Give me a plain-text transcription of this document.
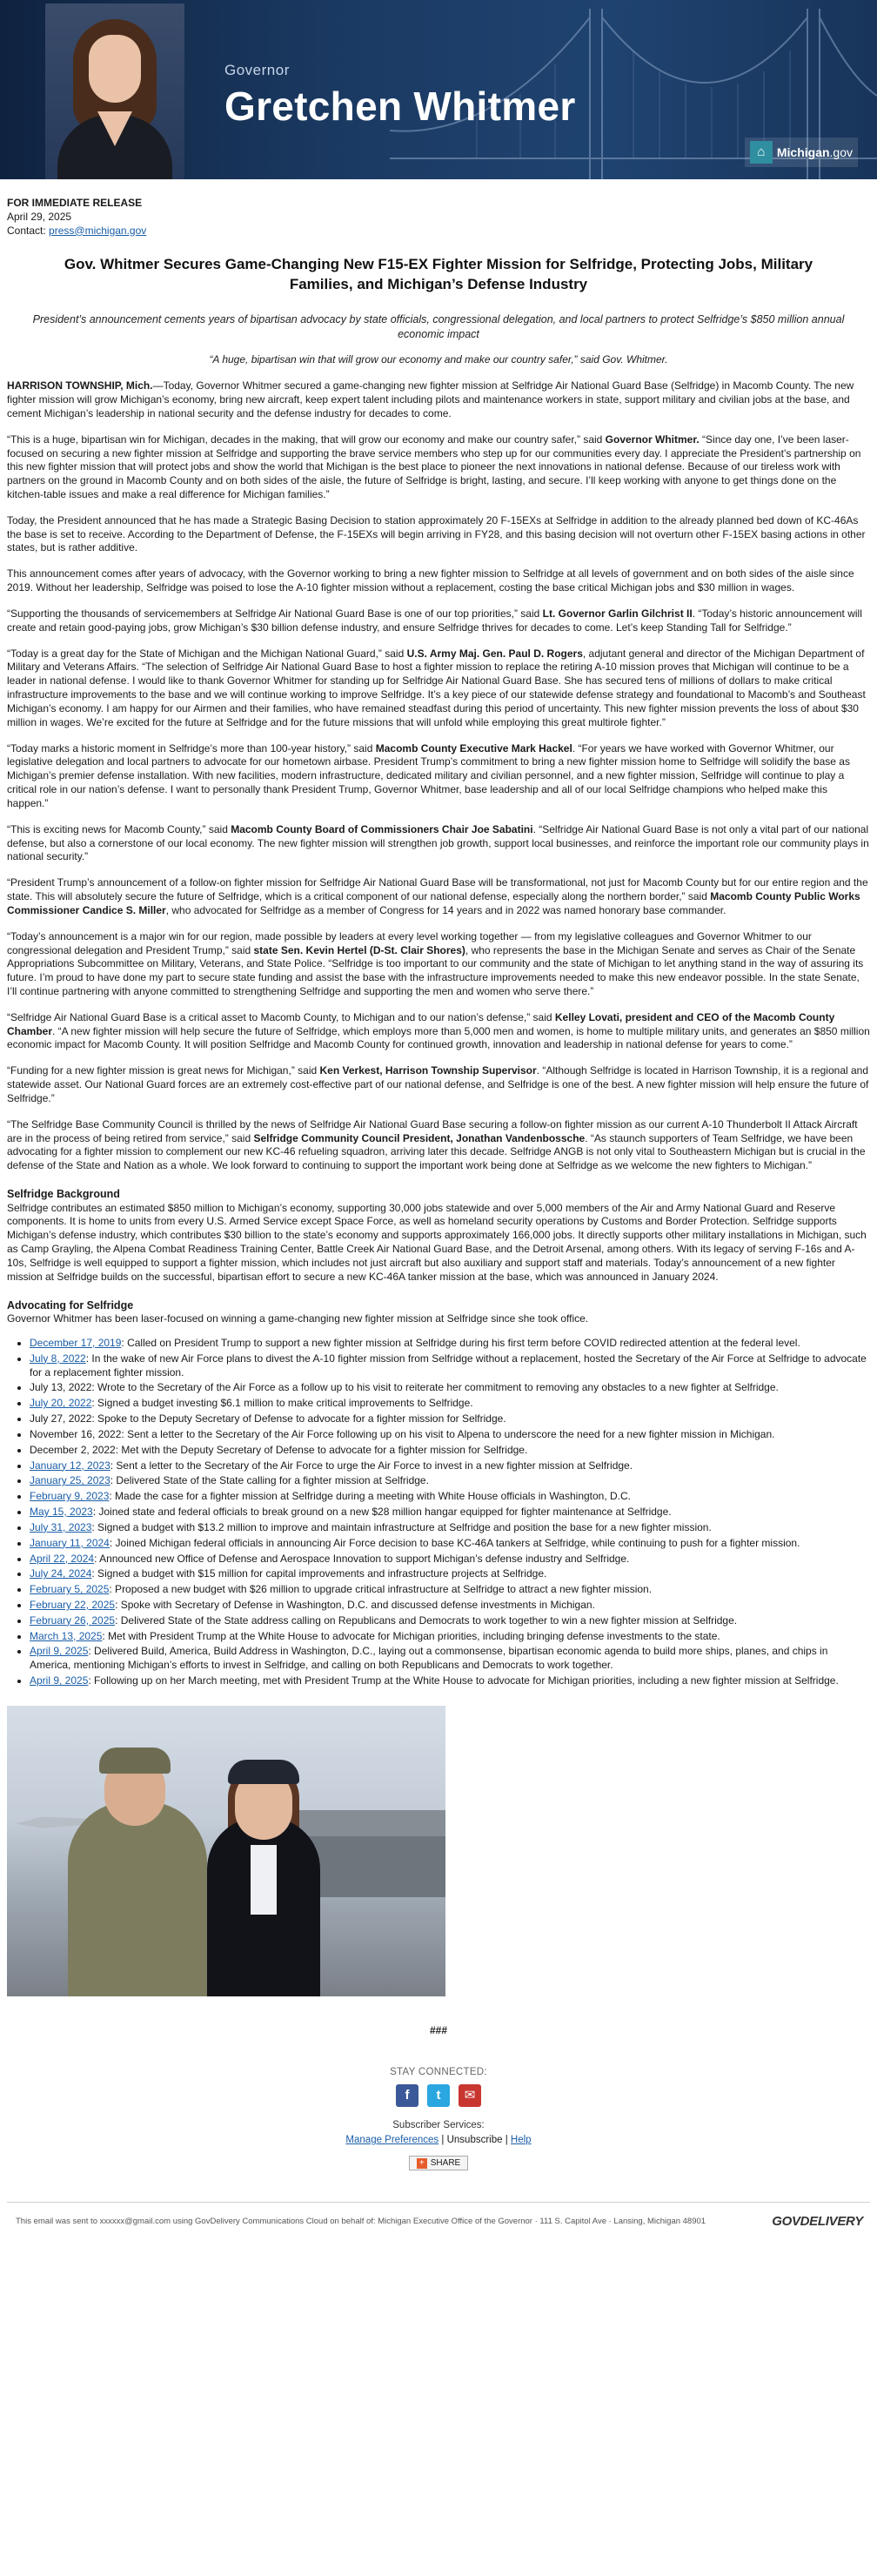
Governor
Gretchen Whitmer
⌂ Michigan.gov
FOR IMMEDIATE RELEASE
April 29, 2025
Contact: press@michigan.gov
Gov. Whitmer Secures Game-Changing New F15-EX Fighter Mission for Selfridge, Protecting Jobs, Military Families, and Michigan’s Defense Industry
President’s announcement cements years of bipartisan advocacy by state officials, congressional delegation, and local partners to protect Selfridge’s $850 million annual economic impact
“A huge, bipartisan win that will grow our economy and make our country safer,” said Gov. Whitmer.

HARRISON TOWNSHIP, Mich.—Today, Governor Whitmer secured a game-changing new fighter mission at Selfridge Air National Guard Base (Selfridge) in Macomb County. The new fighter mission will grow Michigan’s economy, bring new aircraft, keep expert talent including pilots and maintenance workers in state, support military and civilian jobs at the base, and cement Michigan’s leadership in national security and the defense industry for decades to come.

“This is a huge, bipartisan win for Michigan, decades in the making, that will grow our economy and make our country safer,” said Governor Whitmer. “Since day one, I’ve been laser-focused on securing a new fighter mission at Selfridge and supporting the brave service members who step up for our communities every day. I appreciate the President’s partnership on this new fighter mission that will protect jobs and show the world that Michigan is the best place to pioneer the next innovations in national defense. Because of our tireless work with partners on the ground in Macomb County and on both sides of the aisle, the future of Selfridge is bright, lasting, and secure. I’ll keep working with anyone to get things done on the kitchen-table issues and make a real difference for Michigan families.”

Today, the President announced that he has made a Strategic Basing Decision to station approximately 20 F-15EXs at Selfridge in addition to the already planned bed down of KC-46As the base is set to receive. According to the Department of Defense, the F-15EXs will begin arriving in FY28, and this basing decision will not overturn other F-15EX basing actions in other states, but is rather additive.

This announcement comes after years of advocacy, with the Governor working to bring a new fighter mission to Selfridge at all levels of government and on both sides of the aisle since 2019. Without her leadership, Selfridge was poised to lose the A-10 fighter mission without a replacement, costing the base critical Michigan jobs and $30 million in wages.

“Supporting the thousands of servicemembers at Selfridge Air National Guard Base is one of our top priorities,” said Lt. Governor Garlin Gilchrist II. “Today’s historic announcement will create and retain good-paying jobs, grow Michigan’s $30 billion defense industry, and ensure Selfridge thrives for decades to come. Let’s keep Standing Tall for Selfridge.”

“Today is a great day for the State of Michigan and the Michigan National Guard,” said U.S. Army Maj. Gen. Paul D. Rogers, adjutant general and director of the Michigan Department of Military and Veterans Affairs. “The selection of Selfridge Air National Guard Base to host a fighter mission to replace the retiring A-10 mission proves that Michigan will continue to be a leader in national defense. I would like to thank Governor Whitmer for standing up for Selfridge Air National Guard Base. She has secured tens of millions of dollars to make critical infrastructure improvements to the base and we will continue working to improve Selfridge. It’s a key piece of our statewide defense strategy and foundational to Macomb’s and Southeast Michigan’s economy. I am happy for our Airmen and their families, who have remained steadfast during this period of uncertainty. This new fighter mission prevents the loss of about $30 million in wages. We’re excited for the future at Selfridge and for the future missions that will unfold while employing this great multirole fighter.”

“Today marks a historic moment in Selfridge’s more than 100-year history,” said Macomb County Executive Mark Hackel. “For years we have worked with Governor Whitmer, our legislative delegation and local partners to advocate for our hometown airbase. President Trump’s commitment to bring a new fighter mission home to Selfridge will solidify the base as Michigan’s premier defense installation. With new facilities, modern infrastructure, dedicated military and civilian personnel, and a new fighter mission, Selfridge will continue to play a critical role in our nation’s defense. I want to personally thank President Trump, Governor Whitmer, base leadership and all of our local Selfridge champions who helped make this happen.”

“This is exciting news for Macomb County,” said Macomb County Board of Commissioners Chair Joe Sabatini. “Selfridge Air National Guard Base is not only a vital part of our national defense, but also a cornerstone of our local economy. The new fighter mission will strengthen job growth, support local businesses, and reinforce the important role our community plays in national security.”

“President Trump’s announcement of a follow-on fighter mission for Selfridge Air National Guard Base will be transformational, not just for Macomb County but for our entire region and the state. This will absolutely secure the future of Selfridge, which is a critical component of our national defense, especially along the northern border,” said Macomb County Public Works Commissioner Candice S. Miller, who advocated for Selfridge as a member of Congress for 14 years and in 2022 was named honorary base commander.

“Today’s announcement is a major win for our region, made possible by leaders at every level working together — from my legislative colleagues and Governor Whitmer to our congressional delegation and President Trump,” said state Sen. Kevin Hertel (D-St. Clair Shores), who represents the base in the Michigan Senate and serves as Chair of the Senate Appropriations Subcommittee on Military, Veterans, and State Police. “Selfridge is too important to our community and the state of Michigan to let anything stand in the way of assuring its future. I’m proud to have done my part to secure state funding and assist the base with the infrastructure improvements needed to make this new endeavor possible. In the state Senate, I’ll continue partnering with anyone committed to strengthening Selfridge and supporting the men and women who serve there.”

“Selfridge Air National Guard Base is a critical asset to Macomb County, to Michigan and to our nation’s defense,” said Kelley Lovati, president and CEO of the Macomb County Chamber. “A new fighter mission will help secure the future of Selfridge, which employs more than 5,000 men and women, is home to multiple military units, and generates an $850 million economic impact for Macomb County. It will position Selfridge and Macomb County for continued growth, innovation and leadership in national defense for years to come.”

“Funding for a new fighter mission is great news for Michigan,” said Ken Verkest, Harrison Township Supervisor. “Although Selfridge is located in Harrison Township, it is a regional and statewide asset. Our National Guard forces are an extremely cost-effective part of our national defense, and Selfridge is one of the best. A new fighter mission will help ensure the future of Selfridge.”

“The Selfridge Base Community Council is thrilled by the news of Selfridge Air National Guard Base securing a follow-on fighter mission as our current A-10 Thunderbolt II Attack Aircraft are in the process of being retired from service,” said Selfridge Community Council President, Jonathan Vandenbossche. “As staunch supporters of Team Selfridge, we have been advocating for a fighter mission to complement our new KC-46 refueling squadron, arriving later this decade. Selfridge ANGB is not only vital to Southeastern Michigan but is crucial in the defense of the State and Nation as a whole. We look forward to continuing to support the important work being done at Selfridge as we welcome the new fighters to Michigan.”

Selfridge Background
Selfridge contributes an estimated $850 million to Michigan’s economy, supporting 30,000 jobs statewide and over 5,000 members of the Air and Army National Guard and Reserve components. It is home to units from every U.S. Armed Service except Space Force, as well as homeland security operations by Customs and Border Protection. Selfridge supports Michigan’s defense industry, which contributes $30 billion to the state’s economy and supports approximately 166,000 jobs. It directly supports other military installations in Michigan, such as Camp Grayling, the Alpena Combat Readiness Training Center, Battle Creek Air National Guard Base, and the Detroit Arsenal, among others. With its legacy of serving F-16s and A-10s, Selfridge is well equipped to support a fighter mission, which includes not just aircraft but also auxiliary and support staff and materials. Today’s announcement of a new fighter mission at Selfridge builds on the successful, bipartisan effort to secure a new KC-46A tanker mission at the base, which was announced in January 2024.
Advocating for Selfridge
Governor Whitmer has been laser-focused on winning a game-changing new fighter mission at Selfridge since she took office.
• December 17, 2019: Called on President Trump to support a new fighter mission at Selfridge during his first term before COVID redirected attention at the federal level.
• July 8, 2022: In the wake of new Air Force plans to divest the A-10 fighter mission from Selfridge without a replacement, hosted the Secretary of the Air Force at Selfridge to advocate for a replacement fighter mission.
• July 13, 2022: Wrote to the Secretary of the Air Force as a follow up to his visit to reiterate her commitment to removing any obstacles to a new fighter at Selfridge.
• July 20, 2022: Signed a budget investing $6.1 million to make critical improvements to Selfridge.
• July 27, 2022: Spoke to the Deputy Secretary of Defense to advocate for a fighter mission for Selfridge.
• November 16, 2022: Sent a letter to the Secretary of the Air Force following up on his visit to Alpena to underscore the need for a new fighter mission in Michigan.
• December 2, 2022: Met with the Deputy Secretary of Defense to advocate for a fighter mission for Selfridge.
• January 12, 2023: Sent a letter to the Secretary of the Air Force to urge the Air Force to invest in a new fighter mission at Selfridge.
• January 25, 2023: Delivered State of the State calling for a fighter mission at Selfridge.
• February 9, 2023: Made the case for a fighter mission at Selfridge during a meeting with White House officials in Washington, D.C.
• May 15, 2023: Joined state and federal officials to break ground on a new $28 million hangar equipped for fighter maintenance at Selfridge.
• July 31, 2023: Signed a budget with $13.2 million to improve and maintain infrastructure at Selfridge and position the base for a new fighter mission.
• January 11, 2024: Joined Michigan federal officials in announcing Air Force decision to base KC-46A tankers at Selfridge, while continuing to push for a fighter mission.
• April 22, 2024: Announced new Office of Defense and Aerospace Innovation to support Michigan’s defense industry and Selfridge.
• July 24, 2024: Signed a budget with $15 million for capital improvements and infrastructure projects at Selfridge.
• February 5, 2025: Proposed a new budget with $26 million to upgrade critical infrastructure at Selfridge to attract a new fighter mission.
• February 22, 2025: Spoke with Secretary of Defense in Washington, D.C. and discussed defense investments in Michigan.
• February 26, 2025: Delivered State of the State address calling on Republicans and Democrats to work together to win a new fighter mission at Selfridge.
• March 13, 2025: Met with President Trump at the White House to advocate for Michigan priorities, including bringing defense investments to the state.
• April 9, 2025: Delivered Build, America, Build Address in Washington, D.C., laying out a commonsense, bipartisan economic agenda to build more ships, planes, and chips in America, mentioning Michigan’s efforts to invest in Selfridge, and calling on both Republicans and Democrats to work together.
• April 9, 2025: Following up on her March meeting, met with President Trump at the White House to advocate for Michigan priorities, including a new fighter mission at Selfridge.
###
STAY CONNECTED:
f	t	✉
Subscriber Services:
Manage Preferences | Unsubscribe | Help
+ SHARE
This email was sent to xxxxxx@gmail.com using GovDelivery Communications Cloud on behalf of: Michigan Executive Office of the Governor · 111 S. Capitol Ave · Lansing, Michigan 48901	GOVDELIVERY
